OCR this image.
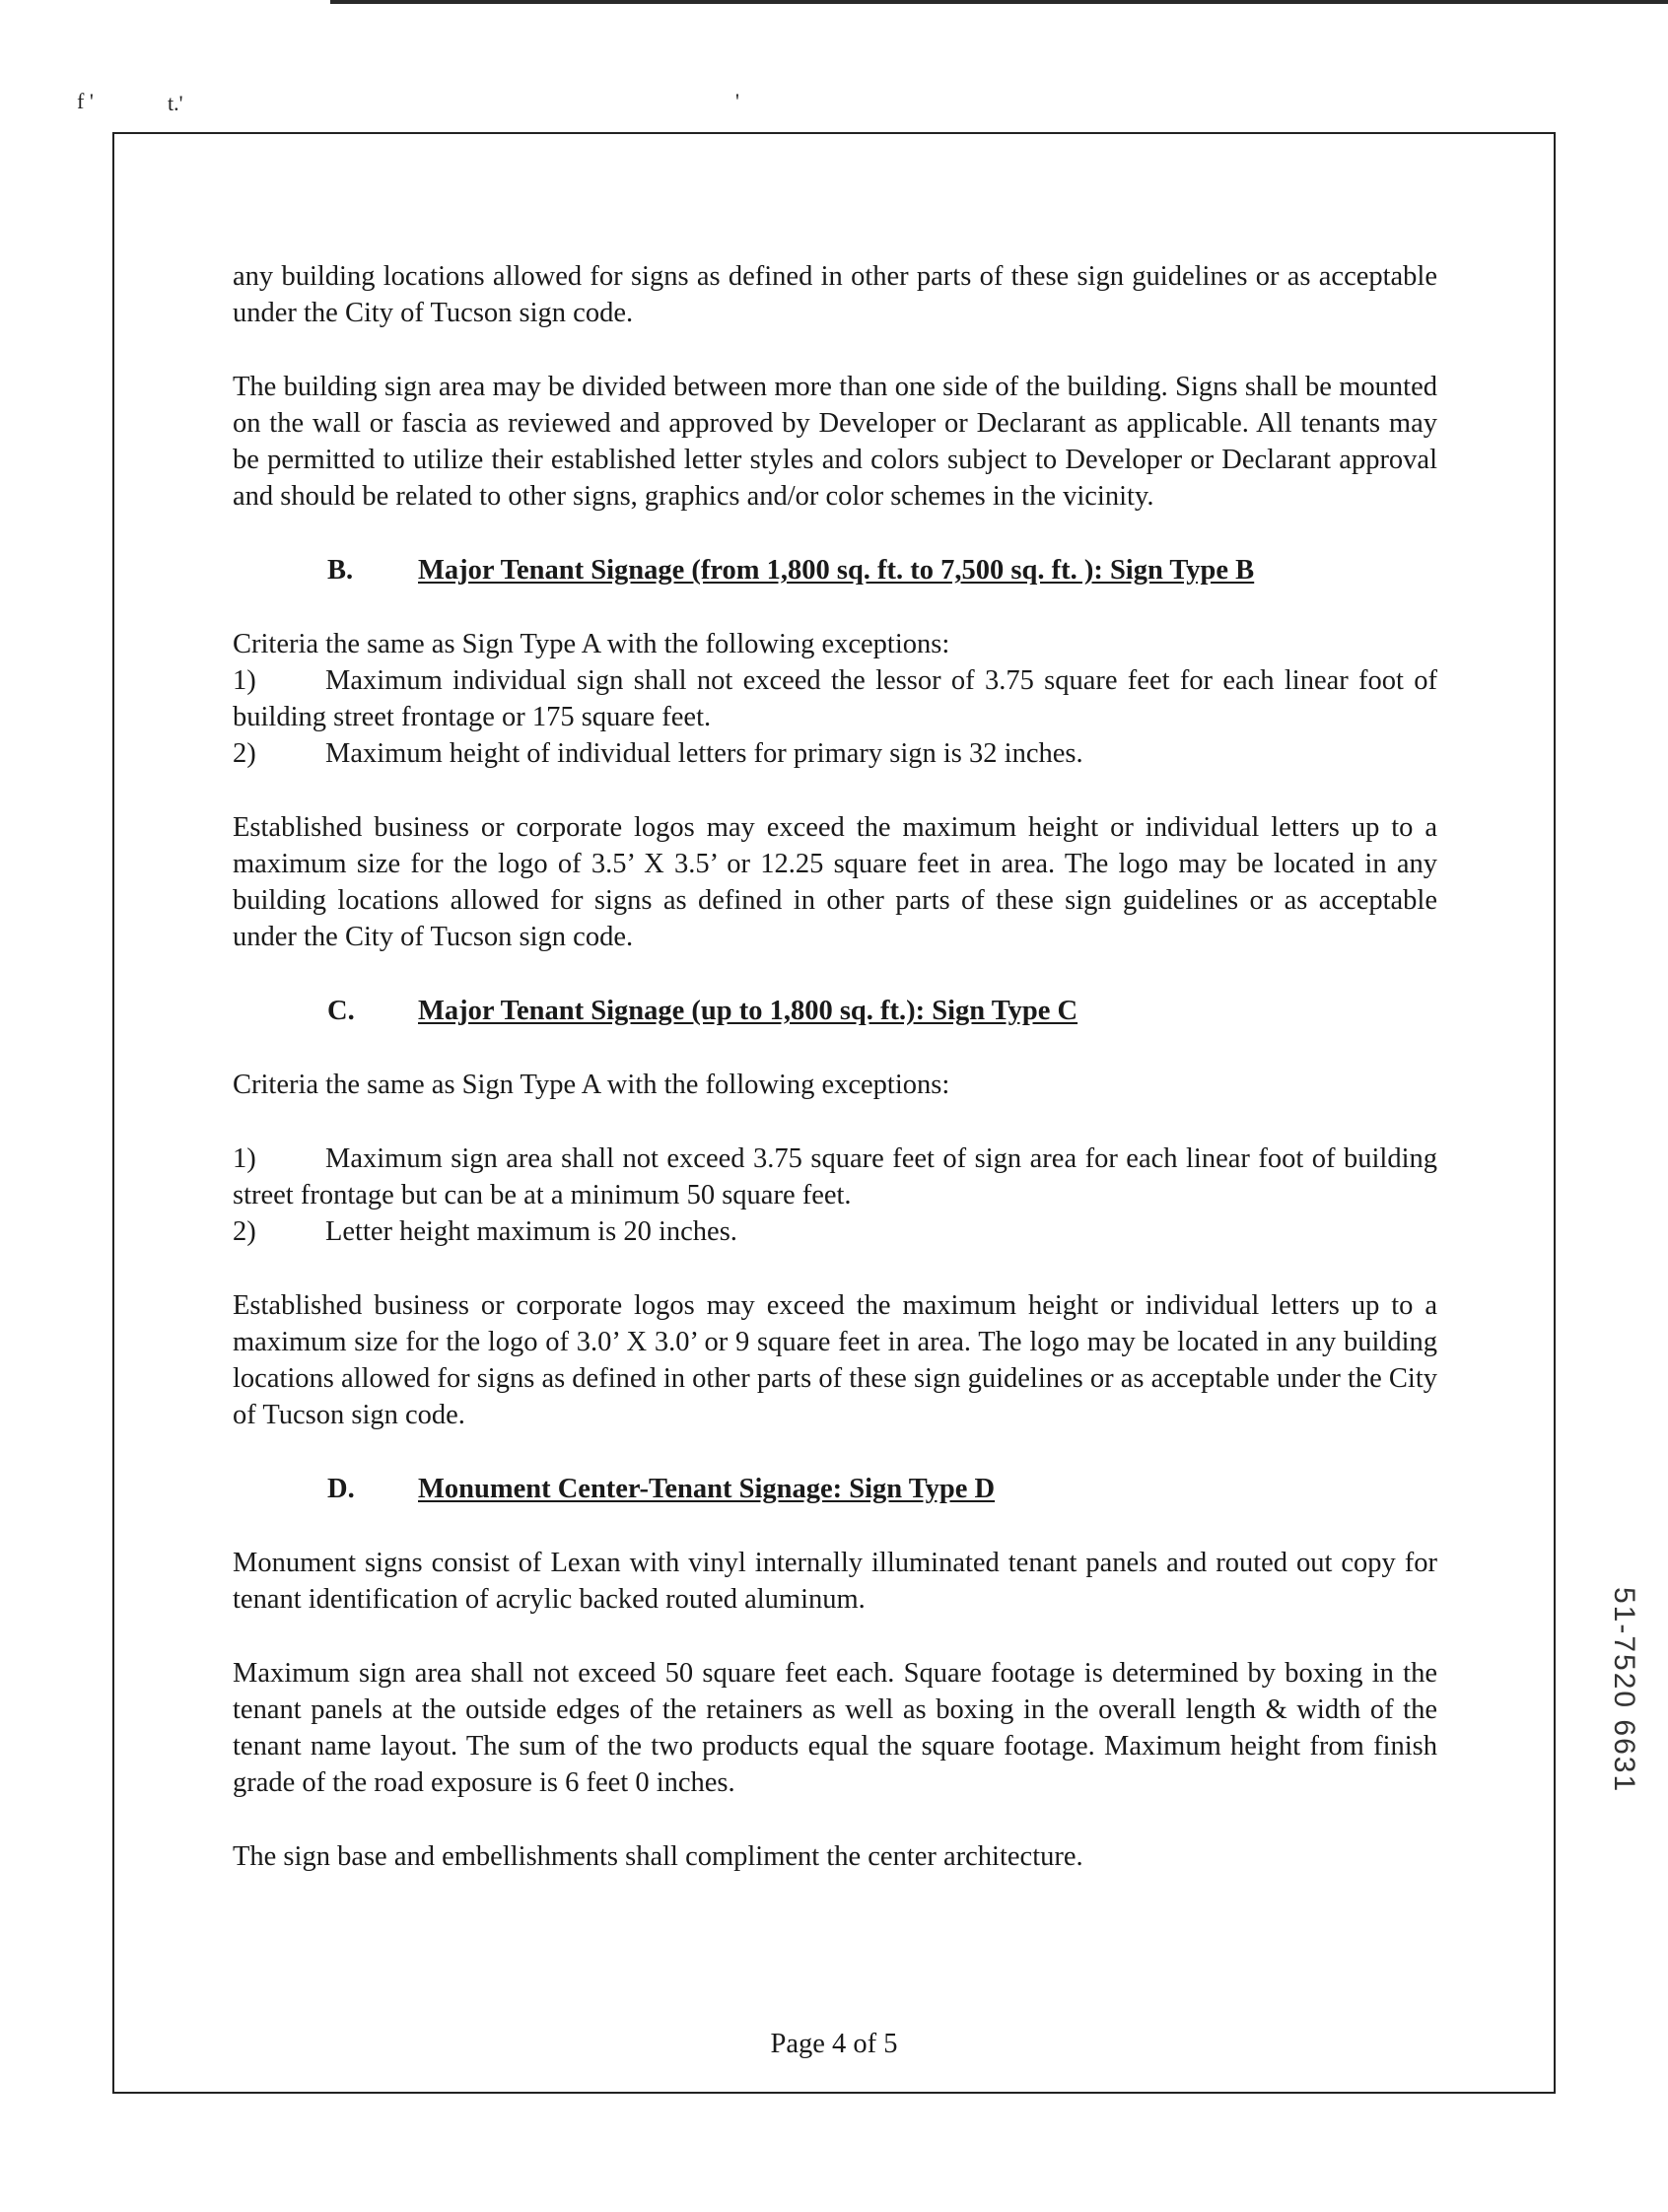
f '	t.'	'

any building locations allowed for signs as defined in other parts of these sign guidelines or as acceptable under the City of Tucson sign code.

The building sign area may be divided between more than one side of the building. Signs shall be mounted on the wall or fascia as reviewed and approved by Developer or Declarant as applicable. All tenants may be permitted to utilize their established letter styles and colors subject to Developer or Declarant approval and should be related to other signs, graphics and/or color schemes in the vicinity.

B. Major Tenant Signage (from 1,800 sq. ft. to 7,500 sq. ft. ): Sign Type B
Criteria the same as Sign Type A with the following exceptions:
1) Maximum individual sign shall not exceed the lessor of 3.75 square feet for each linear foot of building street frontage or 175 square feet.
2)	Maximum height of individual letters for primary sign is 32 inches.

Established business or corporate logos may exceed the maximum height or individual letters up to a maximum size for the logo of 3.5’ X 3.5’ or 12.25 square feet in area. The logo may be located in any building locations allowed for signs as defined in other parts of these sign guidelines or as acceptable under the City of Tucson sign code.

C. Major Tenant Signage (up to 1,800 sq. ft.): Sign Type C

Criteria the same as Sign Type A with the following exceptions:

1) Maximum sign area shall not exceed 3.75 square feet of sign area for each linear foot of building street frontage but can be at a minimum 50 square feet.
2)	Letter height maximum is 20 inches.

Established business or corporate logos may exceed the maximum height or individual letters up to a maximum size for the logo of 3.0’ X 3.0’ or 9 square feet in area. The logo may be located in any building locations allowed for signs as defined in other parts of these sign guidelines or as acceptable under the City of Tucson sign code.

D. Monument Center-Tenant Signage: Sign Type D

Monument signs consist of Lexan with vinyl internally illuminated tenant panels and routed out copy for tenant identification of acrylic backed routed aluminum.

Maximum sign area shall not exceed 50 square feet each. Square footage is determined by boxing in the tenant panels at the outside edges of the retainers as well as boxing in the overall length & width of the tenant name layout. The sum of the two products equal the square footage. Maximum height from finish grade of the road exposure is 6 feet 0 inches.

The sign base and embellishments shall compliment the center architecture.

Page 4 of 5
51-7520 6631
